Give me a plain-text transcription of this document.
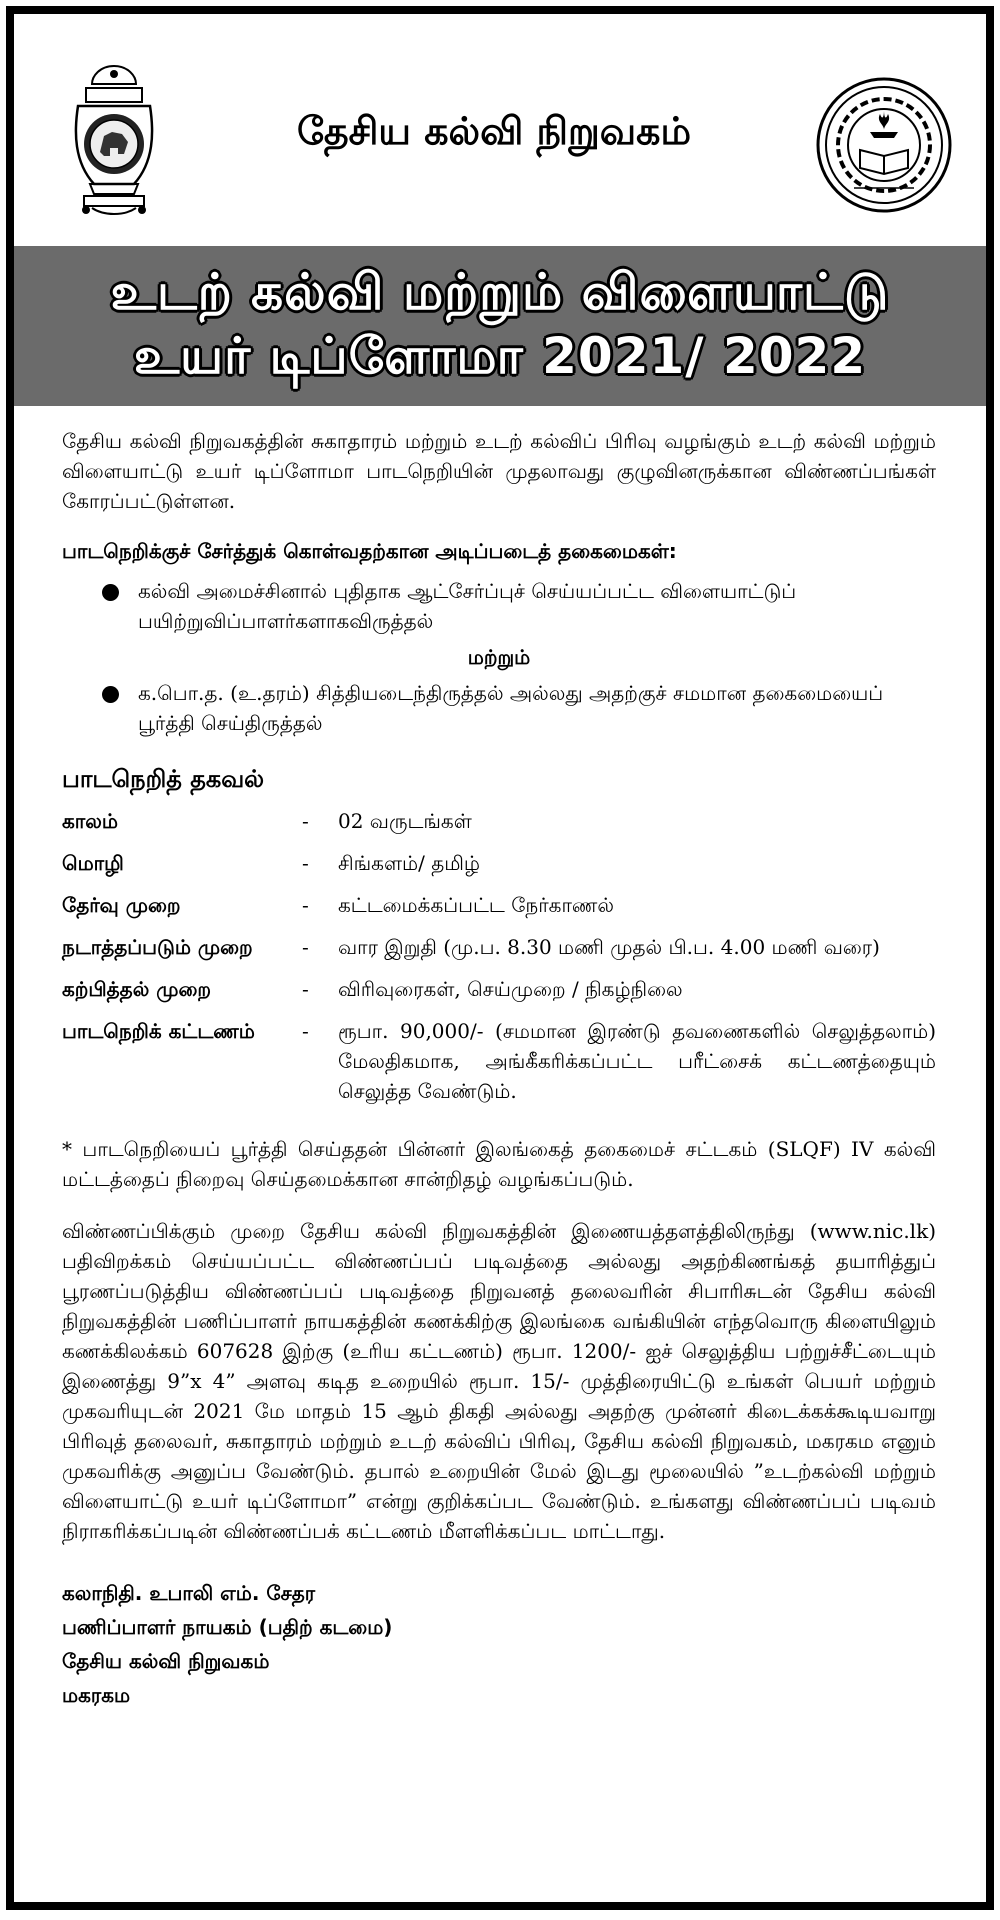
தேசிய கல்வி நிறுவகம்
உடற் கல்வி மற்றும் விளையாட்டு
உயர் டிப்ளோமா 2021/ 2022

தேசிய கல்வி நிறுவகத்தின் சுகாதாரம் மற்றும் உடற் கல்விப் பிரிவு வழங்கும் உடற் கல்வி மற்றும் விளையாட்டு உயர் டிப்ளோமா பாடநெறியின் முதலாவது குழுவினருக்கான விண்ணப்பங்கள் கோரப்பட்டுள்ளன.

பாடநெறிக்குச் சேர்த்துக் கொள்வதற்கான அடிப்படைத் தகைமைகள்:
கல்வி அமைச்சினால் புதிதாக ஆட்சேர்ப்புச் செய்யப்பட்ட விளையாட்டுப் பயிற்றுவிப்பாளர்களாகவிருத்தல்
மற்றும்
க.பொ.த. (உ.தரம்) சித்தியடைந்திருத்தல் அல்லது அதற்குச் சமமான தகைமையைப் பூர்த்தி செய்திருத்தல்
பாடநெறித் தகவல்
காலம்	-	02 வருடங்கள்
மொழி	-	சிங்களம்/ தமிழ்
தேர்வு முறை	-	கட்டமைக்கப்பட்ட நேர்காணல்
நடாத்தப்படும் முறை	-	வார இறுதி (மு.ப. 8.30 மணி முதல் பி.ப. 4.00 மணி வரை)
கற்பித்தல் முறை	-	விரிவுரைகள், செய்முறை / நிகழ்நிலை
பாடநெறிக் கட்டணம்	-	ரூபா. 90,000/- (சமமான இரண்டு தவணைகளில் செலுத்தலாம்) மேலதிகமாக, அங்கீகரிக்கப்பட்ட பரீட்சைக் கட்டணத்தையும் செலுத்த வேண்டும்.

* பாடநெறியைப் பூர்த்தி செய்ததன் பின்னர் இலங்கைத் தகைமைச் சட்டகம் (SLQF) IV கல்வி மட்டத்தைப் நிறைவு செய்தமைக்கான சான்றிதழ் வழங்கப்படும்.

விண்ணப்பிக்கும் முறை தேசிய கல்வி நிறுவகத்தின் இணையத்தளத்திலிருந்து (www.nic.lk) பதிவிறக்கம் செய்யப்பட்ட விண்ணப்பப் படிவத்தை அல்லது அதற்கிணங்கத் தயாரித்துப் பூரணப்படுத்திய விண்ணப்பப் படிவத்தை நிறுவனத் தலைவரின் சிபாரிசுடன் தேசிய கல்வி நிறுவகத்தின் பணிப்பாளர் நாயகத்தின் கணக்கிற்கு இலங்கை வங்கியின் எந்தவொரு கிளையிலும் கணக்கிலக்கம் 607628 இற்கு (உரிய கட்டணம்) ரூபா. 1200/- ஐச் செலுத்திய பற்றுச்சீட்டையும் இணைத்து 9”x 4” அளவு கடித உறையில் ரூபா. 15/- முத்திரையிட்டு உங்கள் பெயர் மற்றும் முகவரியுடன் 2021 மே மாதம் 15 ஆம் திகதி அல்லது அதற்கு முன்னர் கிடைக்கக்கூடியவாறு பிரிவுத் தலைவர், சுகாதாரம் மற்றும் உடற் கல்விப் பிரிவு, தேசிய கல்வி நிறுவகம், மகரகம எனும் முகவரிக்கு அனுப்ப வேண்டும். தபால் உறையின் மேல் இடது மூலையில் ”உடற்கல்வி மற்றும் விளையாட்டு உயர் டிப்ளோமா” என்று குறிக்கப்பட வேண்டும். உங்களது விண்ணப்பப் படிவம் நிராகரிக்கப்படின் விண்ணப்பக் கட்டணம் மீளளிக்கப்பட மாட்டாது.

கலாநிதி. உபாலி எம். சேதர
பணிப்பாளர் நாயகம் (பதிற் கடமை)
தேசிய கல்வி நிறுவகம்
மகரகம
